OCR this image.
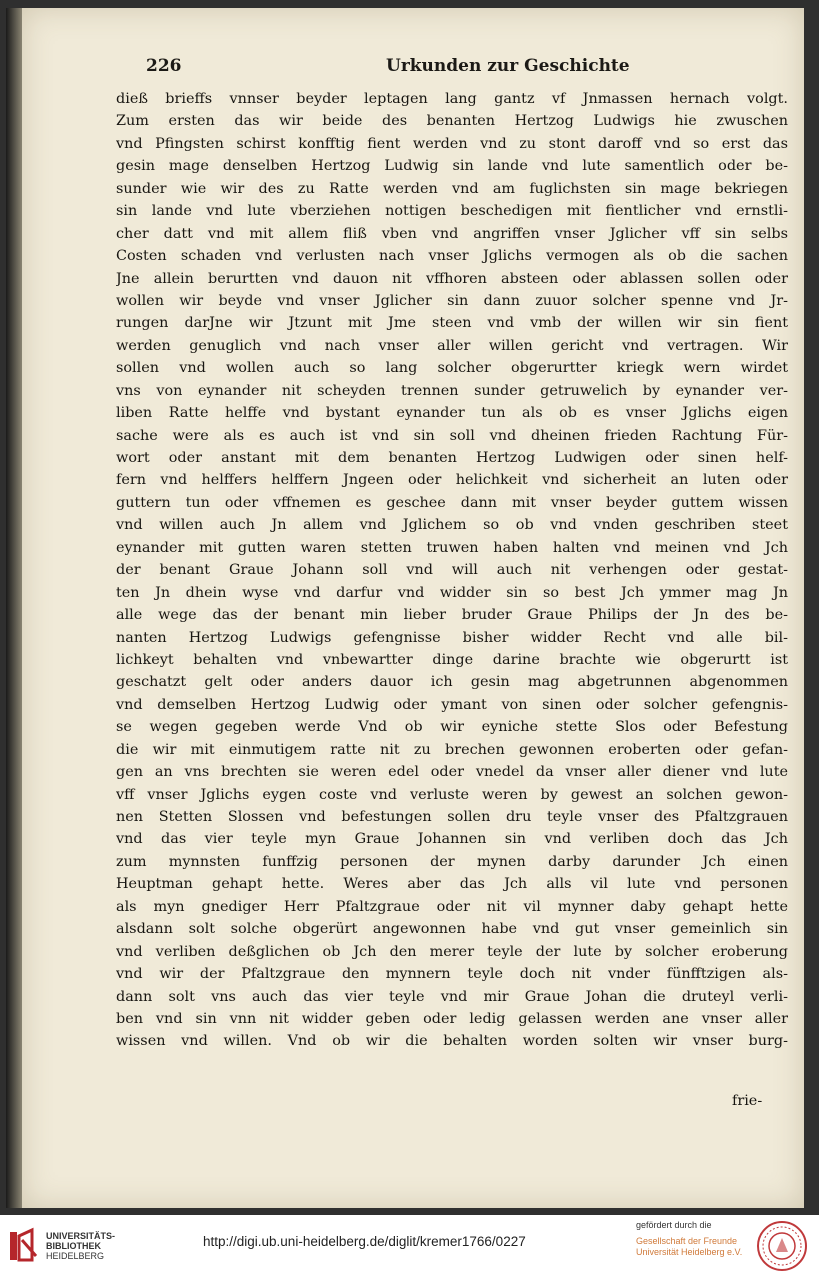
226	Urkunden zur Geschichte
dieß brieffs vnnser beyder leptagen lang gantz vf Jnmassen hernach volgt.
Zum ersten das wir beide des benanten Hertzog Ludwigs hie zwuschen
vnd Pfingsten schirst konfftig fient werden vnd zu stont daroff vnd so erst das
gesin mage denselben Hertzog Ludwig sin lande vnd lute samentlich oder be-
sunder wie wir des zu Ratte werden vnd am fuglichsten sin mage bekriegen
sin lande vnd lute vberziehen nottigen beschedigen mit fientlicher vnd ernstli-
cher datt vnd mit allem fliß vben vnd angriffen vnser Jglicher vff sin selbs
Costen schaden vnd verlusten nach vnser Jglichs vermogen als ob die sachen
Jne allein berurtten vnd dauon nit vffhoren absteen oder ablassen sollen oder
wollen wir beyde vnd vnser Jglicher sin dann zuuor solcher spenne vnd Jr-
rungen darJne wir Jtzunt mit Jme steen vnd vmb der willen wir sin fient
werden genuglich vnd nach vnser aller willen gericht vnd vertragen. Wir
sollen vnd wollen auch so lang solcher obgerurtter kriegk wern wirdet
vns von eynander nit scheyden trennen sunder getruwelich by eynander ver-
liben Ratte helffe vnd bystant eynander tun als ob es vnser Jglichs eigen
sache were als es auch ist vnd sin soll vnd dheinen frieden Rachtung Für-
wort oder anstant mit dem benanten Hertzog Ludwigen oder sinen helf-
fern vnd helffers helffern Jngeen oder helichkeit vnd sicherheit an luten oder
guttern tun oder vffnemen es geschee dann mit vnser beyder guttem wissen
vnd willen auch Jn allem vnd Jglichem so ob vnd vnden geschriben steet
eynander mit gutten waren stetten truwen haben halten vnd meinen vnd Jch
der benant Graue Johann soll vnd will auch nit verhengen oder gestat-
ten Jn dhein wyse vnd darfur vnd widder sin so best Jch ymmer mag Jn
alle wege das der benant min lieber bruder Graue Philips der Jn des be-
nanten Hertzog Ludwigs gefengnisse bisher widder Recht vnd alle bil-
lichkeyt behalten vnd vnbewartter dinge darine brachte wie obgerurtt ist
geschatzt gelt oder anders dauor ich gesin mag abgetrunnen abgenommen
vnd demselben Hertzog Ludwig oder ymant von sinen oder solcher gefengnis-
se wegen gegeben werde Vnd ob wir eyniche stette Slos oder Befestung
die wir mit einmutigem ratte nit zu brechen gewonnen eroberten oder gefan-
gen an vns brechten sie weren edel oder vnedel da vnser aller diener vnd lute
vff vnser Jglichs eygen coste vnd verluste weren by gewest an solchen gewon-
nen Stetten Slossen vnd befestungen sollen dru teyle vnser des Pfaltzgrauen
vnd das vier teyle myn Graue Johannen sin vnd verliben doch das Jch
zum mynnsten funffzig personen der mynen darby darunder Jch einen
Heuptman gehapt hette. Weres aber das Jch alls vil lute vnd personen
als myn gnediger Herr Pfaltzgraue oder nit vil mynner daby gehapt hette
alsdann solt solche obgerürt angewonnen habe vnd gut vnser gemeinlich sin
vnd verliben deßglichen ob Jch den merer teyle der lute by solcher eroberung
vnd wir der Pfaltzgraue den mynnern teyle doch nit vnder fünfftzigen als-
dann solt vns auch das vier teyle vnd mir Graue Johan die druteyl verli-
ben vnd sin vnn nit widder geben oder ledig gelassen werden ane vnser aller
wissen vnd willen. Vnd ob wir die behalten worden solten wir vnser burg-
frie-
UNIVERSITÄTS-
BIBLIOTHEK
HEIDELBERG
http://digi.ub.uni-heidelberg.de/diglit/kremer1766/0227
gefördert durch die
Gesellschaft der Freunde
Universität Heidelberg e.V.
